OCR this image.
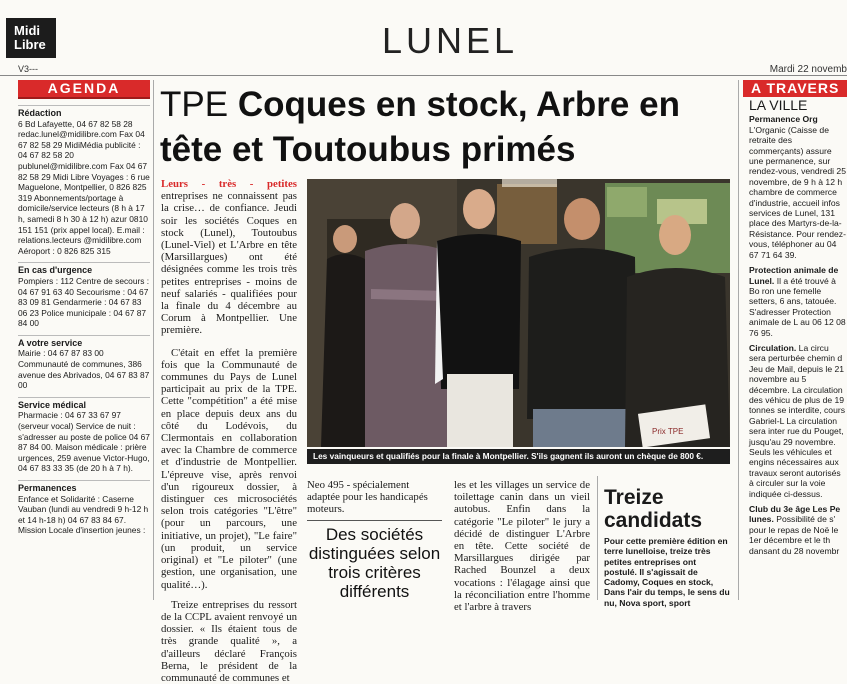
Midi
Libre	LUNEL
V3---	Mardi 22 novemb
AGENDA
Rédaction

6 Bd Lafayette, 04 67 82 58 28 redac.lunel@midilibre.com Fax 04 67 82 58 29 MidiMédia publicité : 04 67 82 58 20 publunel@midilibre.com Fax 04 67 82 58 29 Midi Libre Voyages : 6 rue Maguelone, Montpellier, 0 826 825 319 Abonnements/portage à domicile/service lecteurs (8 h à 17 h, samedi 8 h 30 à 12 h) azur 0810 151 151 (prix appel local). E.mail : relations.lecteurs @midilibre.com Aéroport : 0 826 825 315

En cas d'urgence

Pompiers : 112 Centre de secours : 04 67 91 63 40 Secourisme : 04 67 83 09 81 Gendarmerie : 04 67 83 06 23 Police municipale : 04 67 87 84 00

A votre service

Mairie : 04 67 87 83 00 Communauté de communes, 386 avenue des Abrivados, 04 67 83 87 00

Service médical

Pharmacie : 04 67 33 67 97 (serveur vocal) Service de nuit : s'adresser au poste de police 04 67 87 84 00. Maison médicale : prière urgences, 259 avenue Victor-Hugo, 04 67 83 33 35 (de 20 h à 7 h).

Permanences

Enfance et Solidarité : Caserne Vauban (lundi au vendredi 9 h-12 h et 14 h-18 h) 04 67 83 84 67. Mission Locale d'insertion jeunes :

TPE Coques en stock, Arbre en tête et Toutoubus primés
Leurs - très - petites entreprises ne connaissent pas la crise… de confiance. Jeudi soir les sociétés Coques en stock (Lunel), Toutoubus (Lunel-Viel) et L'Arbre en tête (Marsillargues) ont été désignées comme les trois très petites entreprises - moins de neuf salariés - qualifiées pour la finale du 4 décembre au Corum à Montpellier. Une première.

C'était en effet la première fois que la Communauté de communes du Pays de Lunel participait au prix de la TPE. Cette "compétition" a été mise en place depuis deux ans du côté du Lodévois, du Clermontais en collaboration avec la Chambre de commerce et d'industrie de Montpellier. L'épreuve vise, après renvoi d'un rigoureux dossier, à distinguer ces microsociétés selon trois catégories "L'être" (pour un parcours, une initiative, un projet), "Le faire" (un produit, un service original) et "Le piloter" (une gestion, une organisation, une qualité…).

Treize entreprises du ressort de la CCPL avaient renvoyé un dossier. « Ils étaient tous de très grande qualité », a d'ailleurs déclaré François Berna, le président de la communauté de communes et

Prix TPE
Les vainqueurs et qualifiés pour la finale à Montpellier. S'ils gagnent ils auront un chèque de 800 €.
Neo 495 - spécialement adaptée pour les handicapés moteurs.
Des sociétés distinguées selon trois critères différents
les et les villages un service de toilettage canin dans un vieil autobus. Enfin dans la catégorie "Le piloter" le jury a décidé de distinguer L'Arbre en tête. Cette société de Marsillargues dirigée par Rached Bounzel a deux vocations : l'élagage ainsi que la réconciliation entre l'homme et l'arbre à travers
Treize candidats

Pour cette première édition en terre lunelloise, treize très petites entreprises ont postulé. Il s'agissait de Cadomy, Coques en stock, Dans l'air du temps, le sens du nu, Nova sport, sport

A TRAVERS
LA VILLE

Permanence Org L'Organic (Caisse de retraite des commerçants) assure une permanence, sur rendez-vous, vendredi 25 novembre, de 9 h à 12 h chambre de commerce d'industrie, accueil infos services de Lunel, 131 place des Martyrs-de-la-Résistance. Pour rendez-vous, téléphoner au 04 67 71 64 39.

Protection animale de Lunel. Il a été trouvé à Bo ron une femelle setters, 6 ans, tatouée. S'adresser Protection animale de L au 06 12 08 76 95.

Circulation. La circu sera perturbée chemin d Jeu de Mail, depuis le 21 novembre au 5 décembre. La circulation des véhicu de plus de 19 tonnes se interdite, cours Gabriel-L La circulation sera inter rue du Pouget, jusqu'au 29 novembre. Seuls les véhicules et engins nécessaires aux travaux seront autorisés à circuler sur la voie indiquée ci-dessus.

Club du 3e âge Les Pe lunes. Possibilité de s' pour le repas de Noë le 1er décembre et le th dansant du 28 novembr
